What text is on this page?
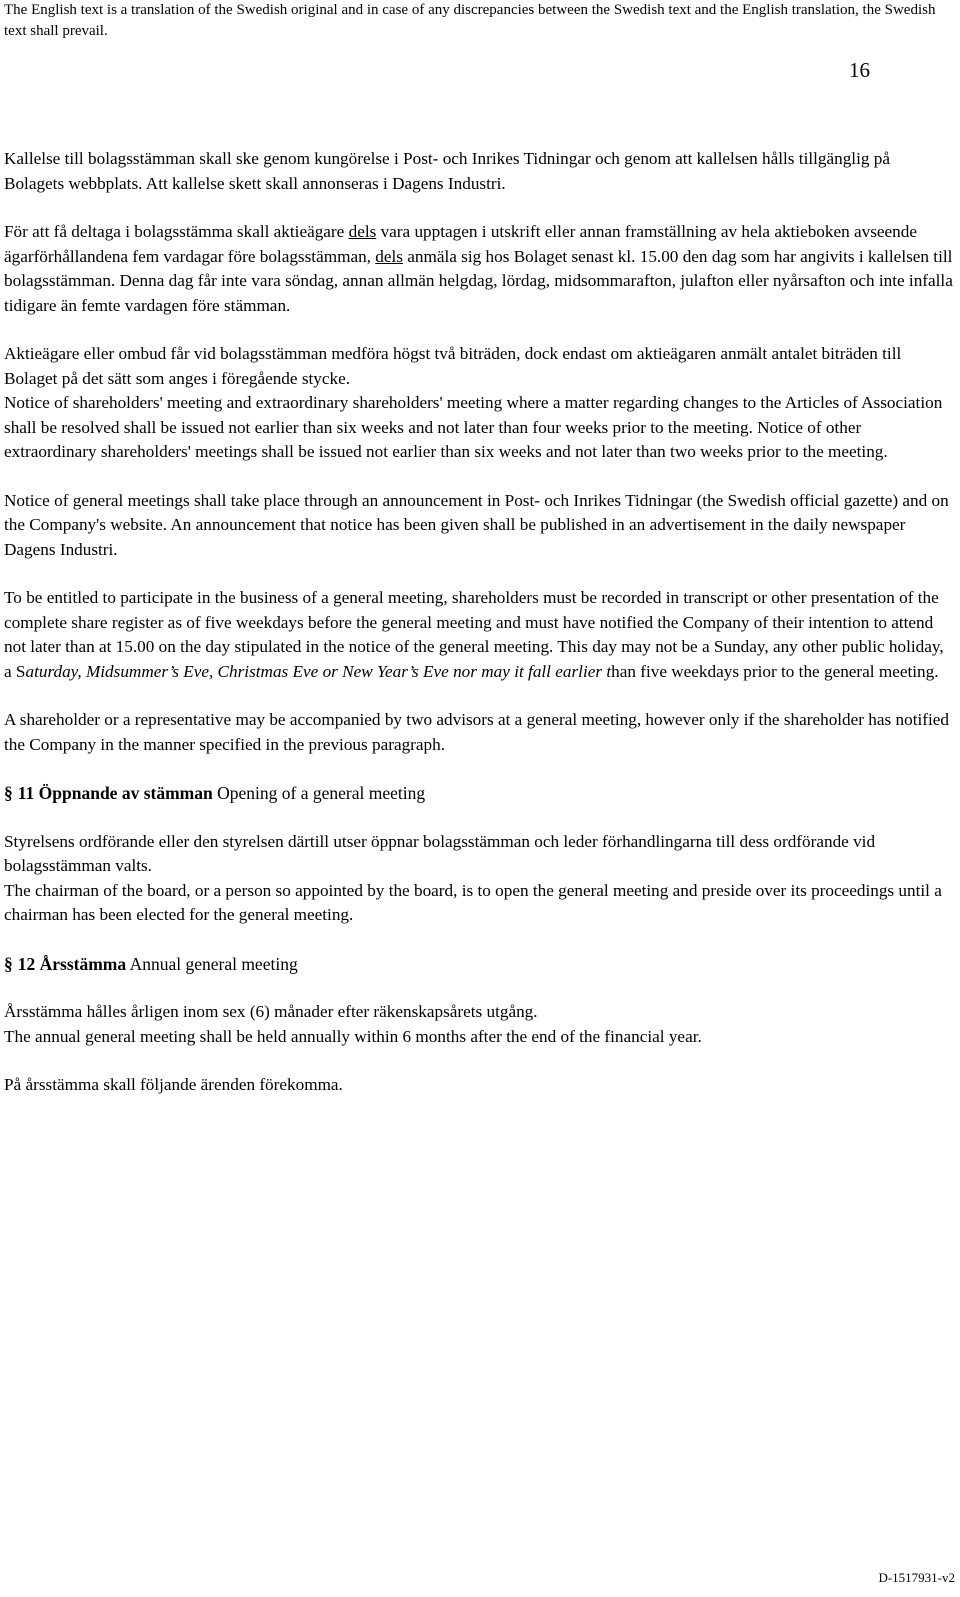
The English text is a translation of the Swedish original and in case of any discrepancies between the Swedish text and the English translation, the Swedish text shall prevail.

16

Kallelse till bolagsstämman skall ske genom kungörelse i Post- och Inrikes Tidningar och genom att kallelsen hålls tillgänglig på Bolagets webbplats. Att kallelse skett skall annonseras i Dagens Industri.

För att få deltaga i bolagsstämma skall aktieägare dels vara upptagen i utskrift eller annan framställning av hela aktieboken avseende ägarförhållandena fem vardagar före bolagsstämman, dels anmäla sig hos Bolaget senast kl. 15.00 den dag som har angivits i kallelsen till bolagsstämman. Denna dag får inte vara söndag, annan allmän helgdag, lördag, midsommarafton, julafton eller nyårsafton och inte infalla tidigare än femte vardagen före stämman.

Aktieägare eller ombud får vid bolagsstämman medföra högst två biträden, dock endast om aktieägaren anmält antalet biträden till Bolaget på det sätt som anges i föregående stycke.

Notice of shareholders' meeting and extraordinary shareholders' meeting where a matter regarding changes to the Articles of Association shall be resolved shall be issued not earlier than six weeks and not later than four weeks prior to the meeting. Notice of other extraordinary shareholders' meetings shall be issued not earlier than six weeks and not later than two weeks prior to the meeting.

Notice of general meetings shall take place through an announcement in Post- och Inrikes Tidningar (the Swedish official gazette) and on the Company's website. An announcement that notice has been given shall be published in an advertisement in the daily newspaper Dagens Industri.

To be entitled to participate in the business of a general meeting, shareholders must be recorded in transcript or other presentation of the complete share register as of five weekdays before the general meeting and must have notified the Company of their intention to attend not later than at 15.00 on the day stipulated in the notice of the general meeting. This day may not be a Sunday, any other public holiday, a Saturday, Midsummer’s Eve, Christmas Eve or New Year’s Eve nor may it fall earlier than five weekdays prior to the general meeting.

A shareholder or a representative may be accompanied by two advisors at a general meeting, however only if the shareholder has notified the Company in the manner specified in the previous paragraph.

§ 11 Öppnande av stämman Opening of a general meeting

Styrelsens ordförande eller den styrelsen därtill utser öppnar bolagsstämman och leder förhandlingarna till dess ordförande vid bolagsstämman valts.

The chairman of the board, or a person so appointed by the board, is to open the general meeting and preside over its proceedings until a chairman has been elected for the general meeting.

§ 12 Årsstämma Annual general meeting

Årsstämma hålles årligen inom sex (6) månader efter räkenskapsårets utgång.

The annual general meeting shall be held annually within 6 months after the end of the financial year.

På årsstämma skall följande ärenden förekomma.

D-1517931-v2
